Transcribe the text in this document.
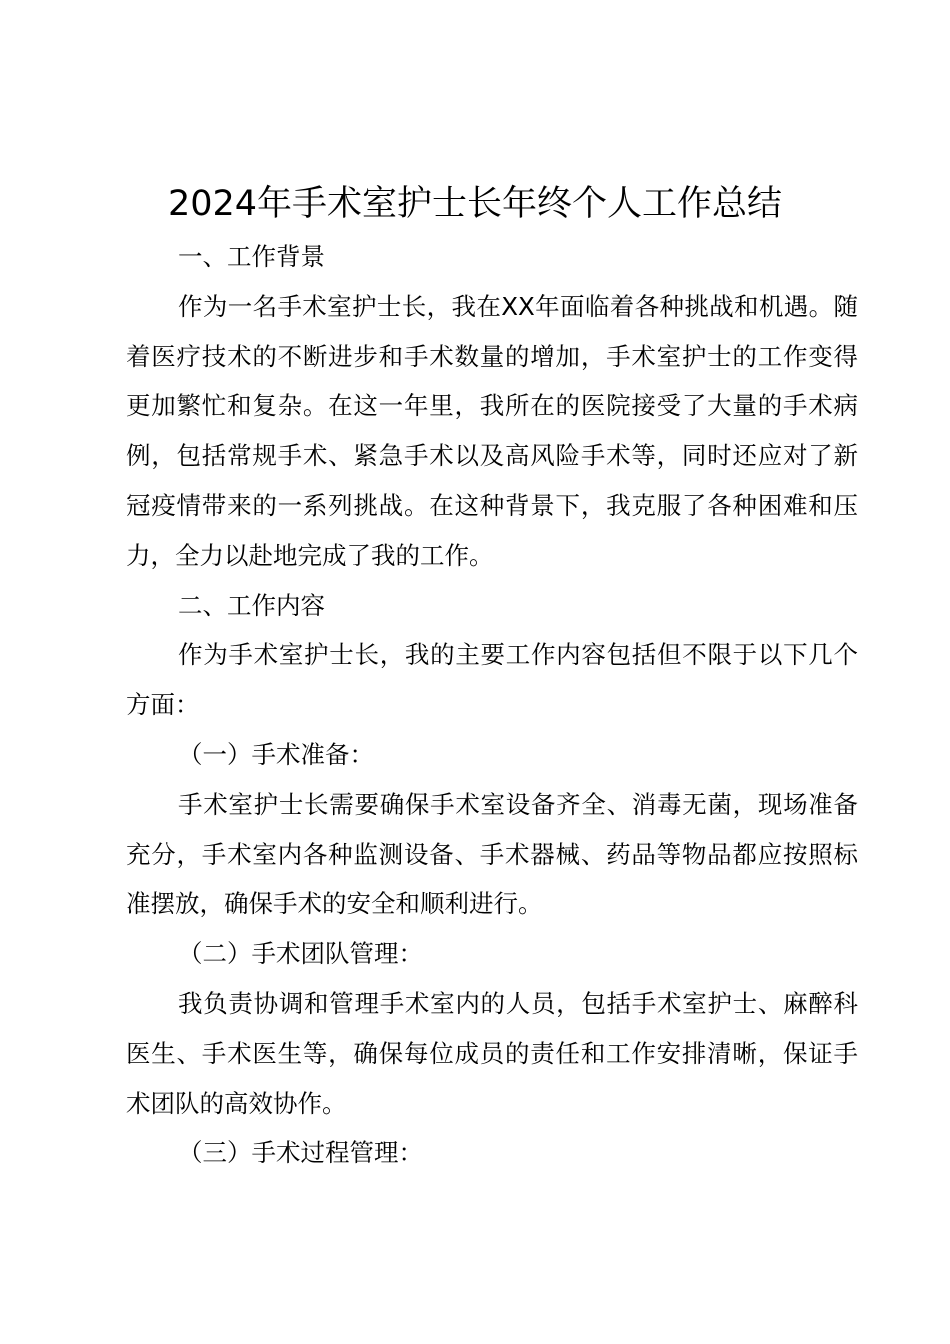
2024年手术室护士长年终个人工作总结

一、工作背景

作为一名手术室护士长，我在XX年面临着各种挑战和机遇。随着医疗技术的不断进步和手术数量的增加，手术室护士的工作变得更加繁忙和复杂。在这一年里，我所在的医院接受了大量的手术病例，包括常规手术、紧急手术以及高风险手术等，同时还应对了新冠疫情带来的一系列挑战。在这种背景下，我克服了各种困难和压力，全力以赴地完成了我的工作。

二、工作内容

作为手术室护士长，我的主要工作内容包括但不限于以下几个方面：

（一）手术准备：

手术室护士长需要确保手术室设备齐全、消毒无菌，现场准备充分，手术室内各种监测设备、手术器械、药品等物品都应按照标准摆放，确保手术的安全和顺利进行。

（二）手术团队管理：

我负责协调和管理手术室内的人员，包括手术室护士、麻醉科医生、手术医生等，确保每位成员的责任和工作安排清晰，保证手术团队的高效协作。

（三）手术过程管理：
